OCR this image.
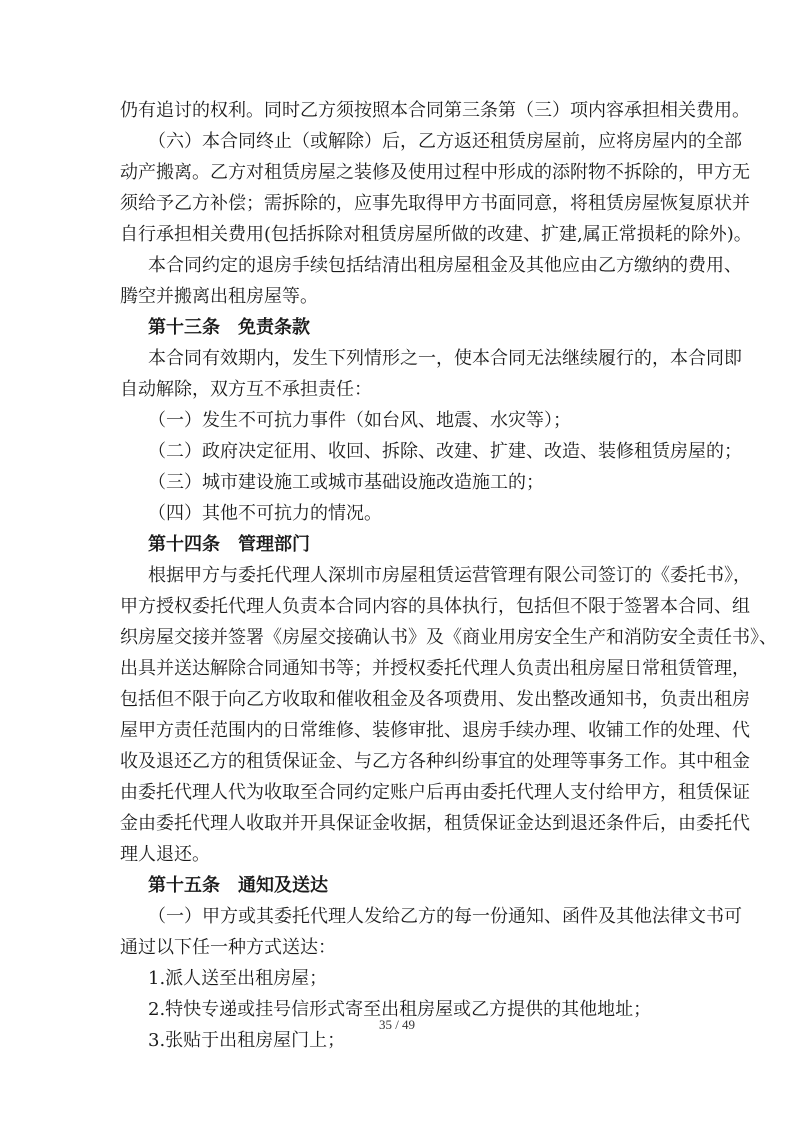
仍有追讨的权利。同时乙方须按照本合同第三条第（三）项内容承担相关费用。
（六）本合同终止（或解除）后，乙方返还租赁房屋前，应将房屋内的全部
动产搬离。乙方对租赁房屋之装修及使用过程中形成的添附物不拆除的，甲方无
须给予乙方补偿；需拆除的，应事先取得甲方书面同意，将租赁房屋恢复原状并
自行承担相关费用(包括拆除对租赁房屋所做的改建、扩建,属正常损耗的除外)。
本合同约定的退房手续包括结清出租房屋租金及其他应由乙方缴纳的费用、
腾空并搬离出租房屋等。
第十三条　免责条款
本合同有效期内，发生下列情形之一，使本合同无法继续履行的，本合同即
自动解除，双方互不承担责任：
（一）发生不可抗力事件（如台风、地震、水灾等）；
（二）政府决定征用、收回、拆除、改建、扩建、改造、装修租赁房屋的；
（三）城市建设施工或城市基础设施改造施工的；
（四）其他不可抗力的情况。
第十四条　管理部门
根据甲方与委托代理人深圳市房屋租赁运营管理有限公司签订的《委托书》，
甲方授权委托代理人负责本合同内容的具体执行，包括但不限于签署本合同、组
织房屋交接并签署《房屋交接确认书》及《商业用房安全生产和消防安全责任书》、
出具并送达解除合同通知书等；并授权委托代理人负责出租房屋日常租赁管理，
包括但不限于向乙方收取和催收租金及各项费用、发出整改通知书，负责出租房
屋甲方责任范围内的日常维修、装修审批、退房手续办理、收铺工作的处理、代
收及退还乙方的租赁保证金、与乙方各种纠纷事宜的处理等事务工作。其中租金
由委托代理人代为收取至合同约定账户后再由委托代理人支付给甲方，租赁保证
金由委托代理人收取并开具保证金收据，租赁保证金达到退还条件后，由委托代
理人退还。
第十五条　通知及送达
（一）甲方或其委托代理人发给乙方的每一份通知、函件及其他法律文书可
通过以下任一种方式送达：
1.派人送至出租房屋；
2.特快专递或挂号信形式寄至出租房屋或乙方提供的其他地址；
3.张贴于出租房屋门上；
35 / 49
